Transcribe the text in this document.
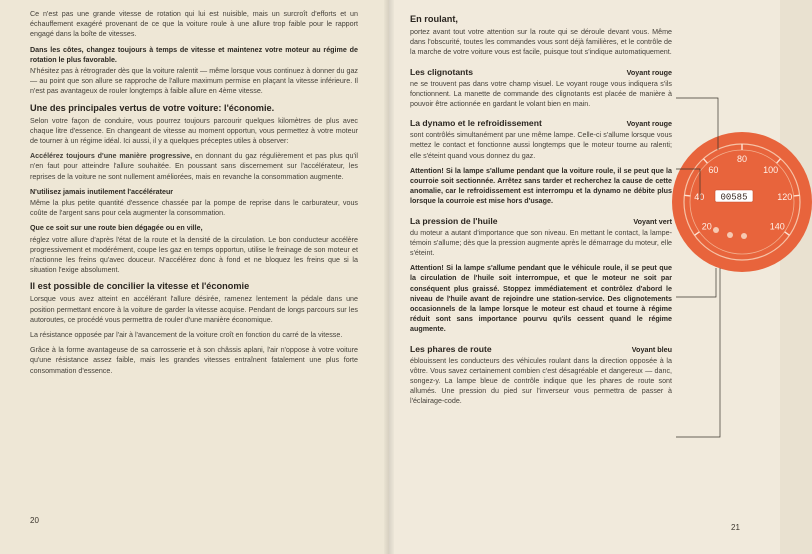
Ce n'est pas une grande vitesse de rotation qui lui est nuisible, mais un surcroît d'efforts et un échauffement exagéré provenant de ce que la voiture roule à une allure trop faible pour le rapport engagé dans la boîte de vitesses.

Dans les côtes, changez toujours à temps de vitesse et maintenez votre moteur au régime de rotation le plus favorable.

N'hésitez pas à rétrograder dès que la voiture ralentit — même lorsque vous continuez à donner du gaz — au point que son allure se rapproche de l'allure maximum permise en plaçant la vitesse inférieure. Il n'est pas avantageux de rouler longtemps à faible allure en 4ème vitesse.

Une des principales vertus de votre voiture: l'économie.

Selon votre façon de conduire, vous pourrez toujours parcourir quelques kilomètres de plus avec chaque litre d'essence. En changeant de vitesse au moment opportun, vous permettez à votre moteur de tourner à un régime idéal. Ici aussi, il y a quelques préceptes utiles à observer:

Accélérez toujours d'une manière progressive, en donnant du gaz régulièrement et pas plus qu'il n'en faut pour atteindre l'allure souhaitée. En poussant sans discernement sur l'accélérateur, les reprises de la voiture ne sont nullement améliorées, mais en revanche la consommation augmente.

N'utilisez jamais inutilement l'accélérateur

Même la plus petite quantité d'essence chassée par la pompe de reprise dans le carburateur, vous coûte de l'argent sans pour cela augmenter la consommation.

Que ce soit sur une route bien dégagée ou en ville,

réglez votre allure d'après l'état de la route et la densité de la circulation. Le bon conducteur accélère progressivement et modérément, coupe les gaz en temps opportun, utilise le freinage de son moteur et n'actionne les freins qu'avec douceur. N'accélérez donc à fond et ne bloquez les freins que si la situation l'exige absolument.

Il est possible de concilier la vitesse et l'économie

Lorsque vous avez atteint en accélérant l'allure désirée, ramenez lentement la pédale dans une position permettant encore à la voiture de garder la vitesse acquise. Pendant de longs parcours sur les autoroutes, ce procédé vous permettra de rouler d'une manière économique.

La résistance opposée par l'air à l'avancement de la voiture croît en fonction du carré de la vitesse.

Grâce à la forme avantageuse de sa carrosserie et à son châssis aplani, l'air n'oppose à votre voiture qu'une résistance assez faible, mais les grandes vitesses entraînent fatalement une plus forte consommation d'essence.

20
20
40
60
80
100
120
140
00585
En roulant,

portez avant tout votre attention sur la route qui se déroule devant vous. Même dans l'obscurité, toutes les commandes vous sont déjà familières, et le contrôle de la marche de votre voiture vous est facile, puisque tout s'indique automatiquement.

Les clignotants	Voyant rouge

ne se trouvent pas dans votre champ visuel. Le voyant rouge vous indiquera s'ils fonctionnent. La manette de commande des clignotants est placée de manière à pouvoir être actionnée en gardant le volant bien en main.

La dynamo et le refroidissement	Voyant rouge

sont contrôlés simultanément par une même lampe. Celle-ci s'allume lorsque vous mettez le contact et fonctionne aussi longtemps que le moteur tourne au ralenti; elle s'éteint quand vous donnez du gaz.

Attention! Si la lampe s'allume pendant que la voiture roule, il se peut que la courroie soit sectionnée. Arrêtez sans tarder et recherchez la cause de cette anomalie, car le refroidissement est interrompu et la dynamo ne débite plus lorsque la courroie est mise hors d'usage.

La pression de l'huile	Voyant vert

du moteur a autant d'importance que son niveau. En mettant le contact, la lampe-témoin s'allume; dès que la pression augmente après le démarrage du moteur, elle s'éteint.

Attention! Si la lampe s'allume pendant que le véhicule roule, il se peut que la circulation de l'huile soit interrompue, et que le moteur ne soit par conséquent plus graissé. Stoppez immédiatement et contrôlez d'abord le niveau de l'huile avant de rejoindre une station-service. Des clignotements occasionnels de la lampe lorsque le moteur est chaud et tourne à régime réduit sont sans importance pourvu qu'ils cessent quand le régime augmente.

Les phares de route	Voyant bleu

éblouissent les conducteurs des véhicules roulant dans la direction opposée à la vôtre. Vous savez certainement combien c'est désagréable et dangereux — danc, songez-y. La lampe bleue de contrôle indique que les phares de route sont allumés. Une pression du pied sur l'inverseur vous permettra de passer à l'éclairage-code.

21
